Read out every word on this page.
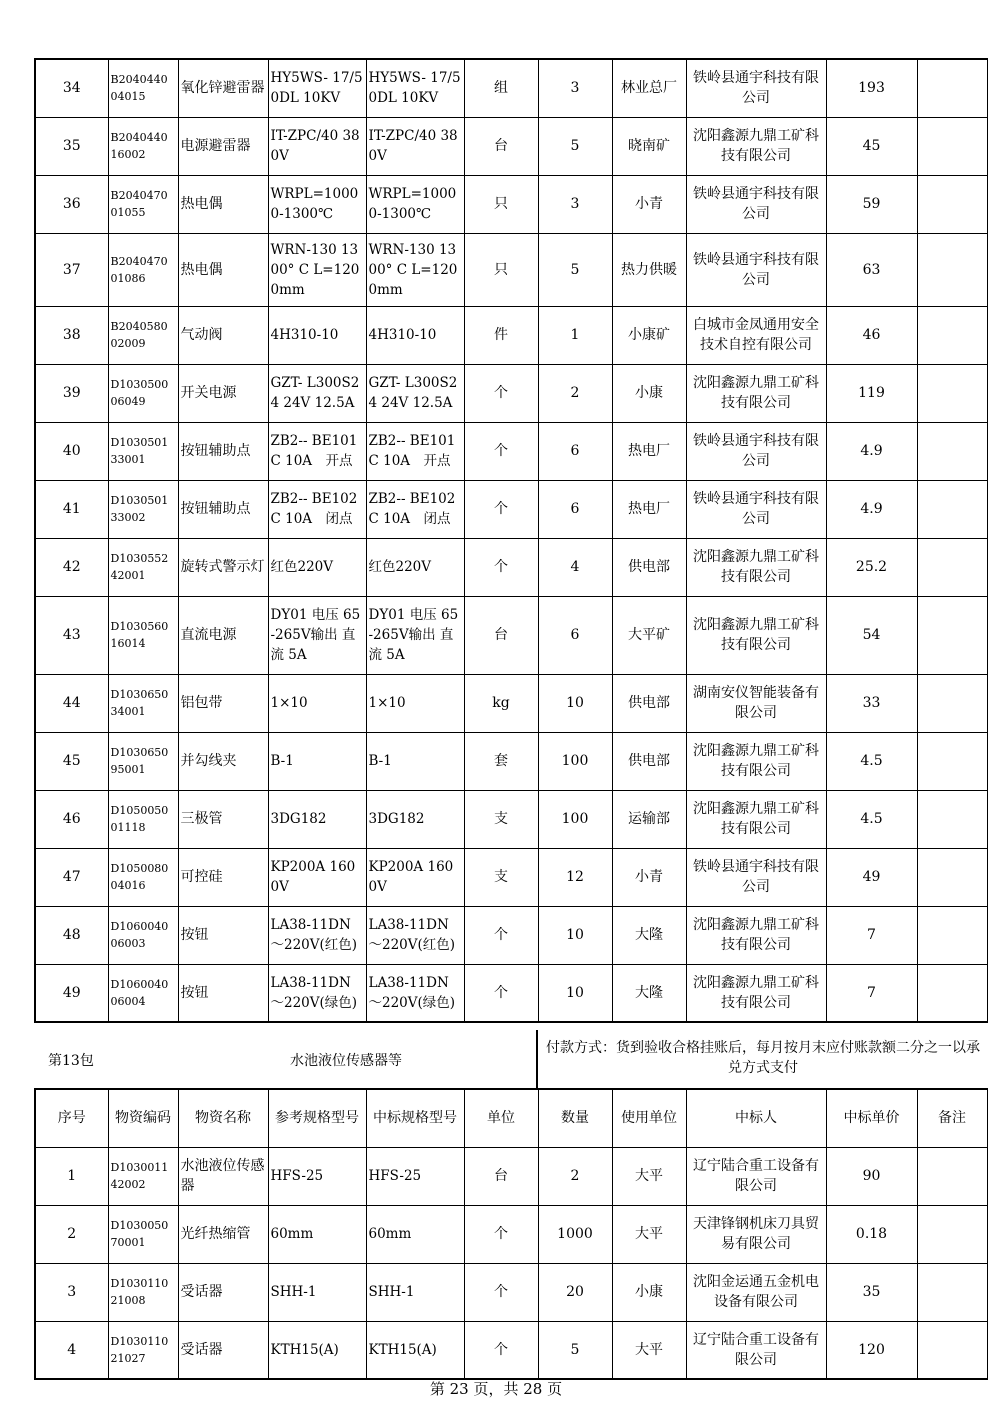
34	B2040440 04015	氧化锌避雷器	HY5WS- 17/50DL 10KV	HY5WS- 17/50DL 10KV	组	3	林业总厂	铁岭县通宇科技有限公司	193	
35	B2040440 16002	电源避雷器	IT-ZPC/40 380V	IT-ZPC/40 380V	台	5	晓南矿	沈阳鑫源九鼎工矿科技有限公司	45	
36	B2040470 01055	热电偶	WRPL=1000 0-1300℃	WRPL=1000 0-1300℃	只	3	小青	铁岭县通宇科技有限公司	59	
37	B2040470 01086	热电偶	WRN-130 1300° C L=1200mm	WRN-130 1300° C L=1200mm	只	5	热力供暖	铁岭县通宇科技有限公司	63	
38	B2040580 02009	气动阀	4H310-10	4H310-10	件	1	小康矿	白城市金凤通用安全技术自控有限公司	46	
39	D1030500 06049	开关电源	GZT- L300S24 24V 12.5A	GZT- L300S24 24V 12.5A	个	2	小康	沈阳鑫源九鼎工矿科技有限公司	119	
40	D1030501 33001	按钮辅助点	ZB2-- BE101C 10A　开点	ZB2-- BE101C 10A　开点	个	6	热电厂	铁岭县通宇科技有限公司	4.9	
41	D1030501 33002	按钮辅助点	ZB2-- BE102C 10A　闭点	ZB2-- BE102C 10A　闭点	个	6	热电厂	铁岭县通宇科技有限公司	4.9	
42	D1030552 42001	旋转式警示灯	红色220V	红色220V	个	4	供电部	沈阳鑫源九鼎工矿科技有限公司	25.2	
43	D1030560 16014	直流电源	DY01 电压 65-265V输出 直流 5A	DY01 电压 65-265V输出 直流 5A	台	6	大平矿	沈阳鑫源九鼎工矿科技有限公司	54	
44	D1030650 34001	铝包带	1×10	1×10	kg	10	供电部	湖南安仪智能装备有限公司	33	
45	D1030650 95001	并勾线夹	B-1	B-1	套	100	供电部	沈阳鑫源九鼎工矿科技有限公司	4.5	
46	D1050050 01118	三极管	3DG182	3DG182	支	100	运输部	沈阳鑫源九鼎工矿科技有限公司	4.5	
47	D1050080 04016	可控硅	KP200A 1600V	KP200A 1600V	支	12	小青	铁岭县通宇科技有限公司	49	
48	D1060040 06003	按钮	LA38-11DN～220V(红色)	LA38-11DN～220V(红色)	个	10	大隆	沈阳鑫源九鼎工矿科技有限公司	7	
49	D1060040 06004	按钮	LA38-11DN～220V(绿色)	LA38-11DN～220V(绿色)	个	10	大隆	沈阳鑫源九鼎工矿科技有限公司	7	
第13包	水池液位传感器等
付款方式：货到验收合格挂账后，每月按月末应付账款额二分之一以承兑方式支付
序号	物资编码	物资名称	参考规格型号	中标规格型号	单位	数量	使用单位	中标人	中标单价	备注
1	D1030011 42002	水池液位传感器	HFS-25	HFS-25	台	2	大平	辽宁陆合重工设备有限公司	90	
2	D1030050 70001	光纤热缩管	60mm	60mm	个	1000	大平	天津锋钢机床刀具贸易有限公司	0.18	
3	D1030110 21008	受话器	SHH-1	SHH-1	个	20	小康	沈阳金运通五金机电设备有限公司	35	
4	D1030110 21027	受话器	KTH15(A)	KTH15(A)	个	5	大平	辽宁陆合重工设备有限公司	120	
第 23 页，共 28 页
